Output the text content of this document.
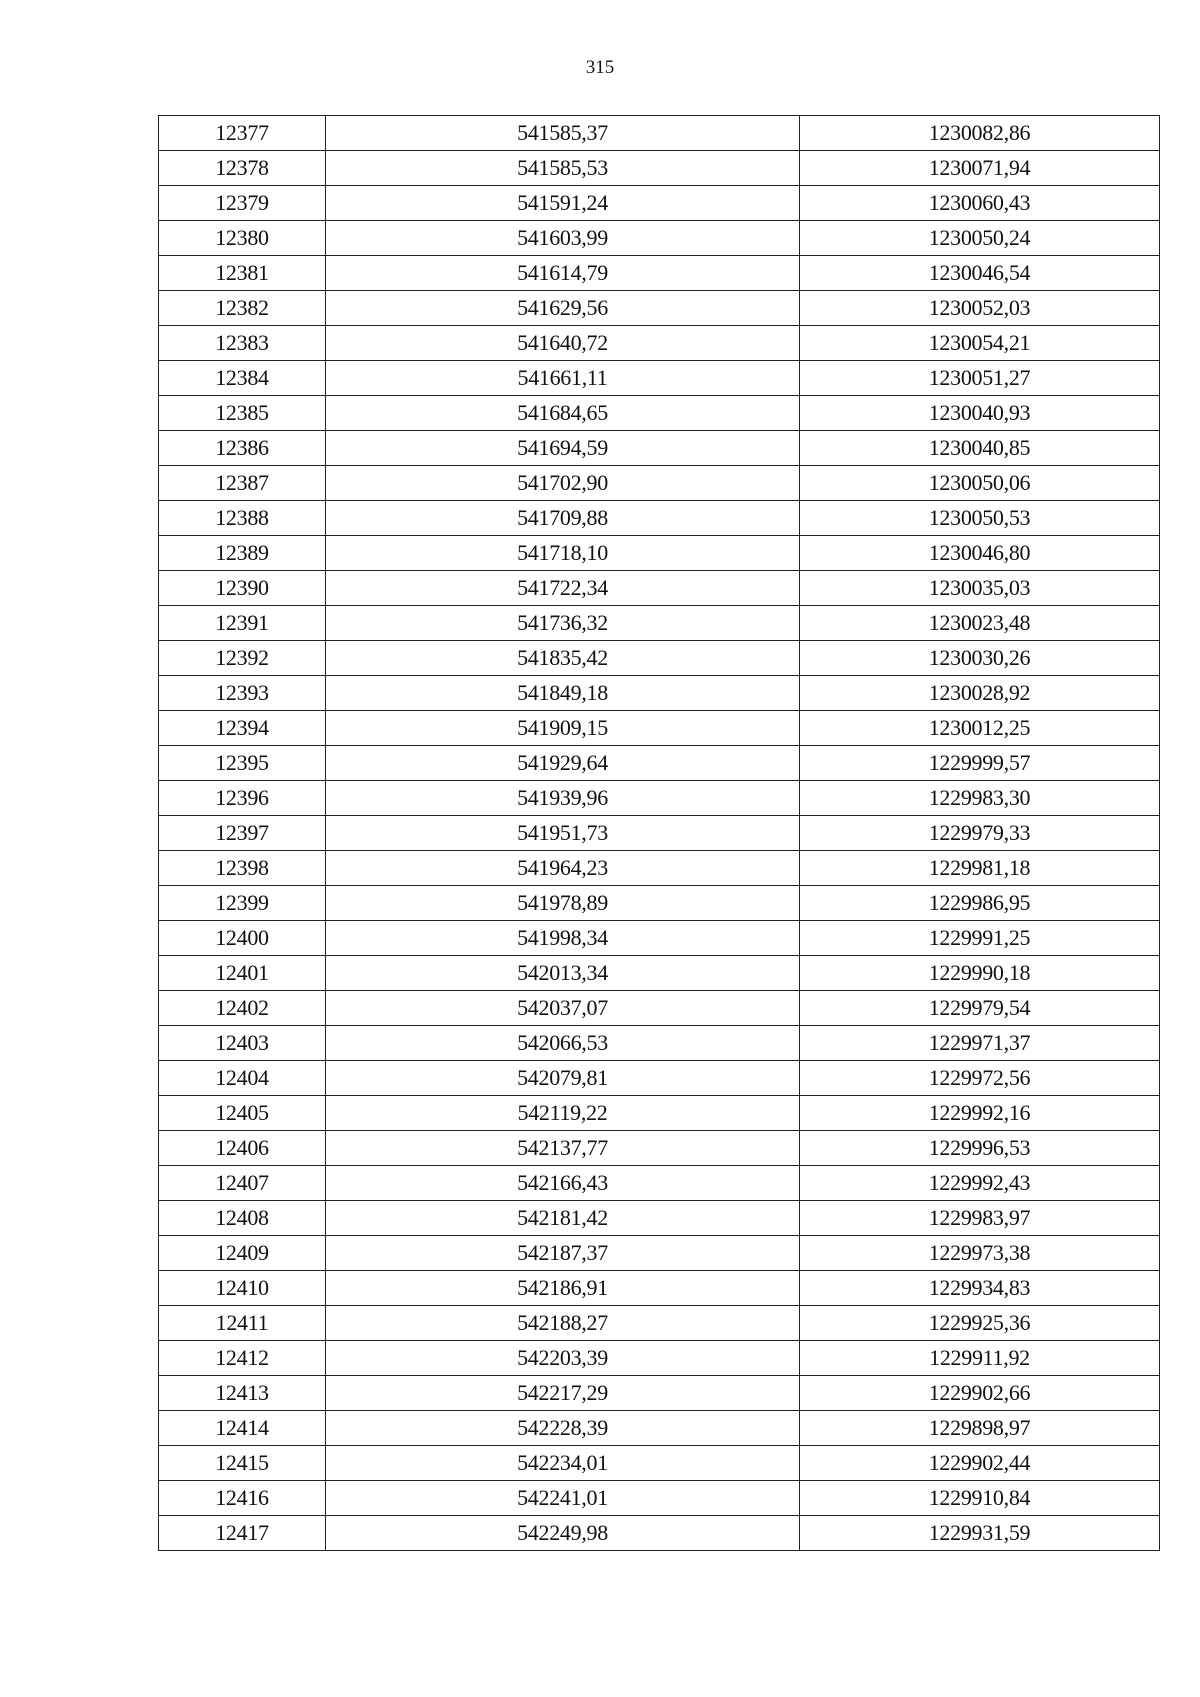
315
12377	541585,37	1230082,86
12378	541585,53	1230071,94
12379	541591,24	1230060,43
12380	541603,99	1230050,24
12381	541614,79	1230046,54
12382	541629,56	1230052,03
12383	541640,72	1230054,21
12384	541661,11	1230051,27
12385	541684,65	1230040,93
12386	541694,59	1230040,85
12387	541702,90	1230050,06
12388	541709,88	1230050,53
12389	541718,10	1230046,80
12390	541722,34	1230035,03
12391	541736,32	1230023,48
12392	541835,42	1230030,26
12393	541849,18	1230028,92
12394	541909,15	1230012,25
12395	541929,64	1229999,57
12396	541939,96	1229983,30
12397	541951,73	1229979,33
12398	541964,23	1229981,18
12399	541978,89	1229986,95
12400	541998,34	1229991,25
12401	542013,34	1229990,18
12402	542037,07	1229979,54
12403	542066,53	1229971,37
12404	542079,81	1229972,56
12405	542119,22	1229992,16
12406	542137,77	1229996,53
12407	542166,43	1229992,43
12408	542181,42	1229983,97
12409	542187,37	1229973,38
12410	542186,91	1229934,83
12411	542188,27	1229925,36
12412	542203,39	1229911,92
12413	542217,29	1229902,66
12414	542228,39	1229898,97
12415	542234,01	1229902,44
12416	542241,01	1229910,84
12417	542249,98	1229931,59
